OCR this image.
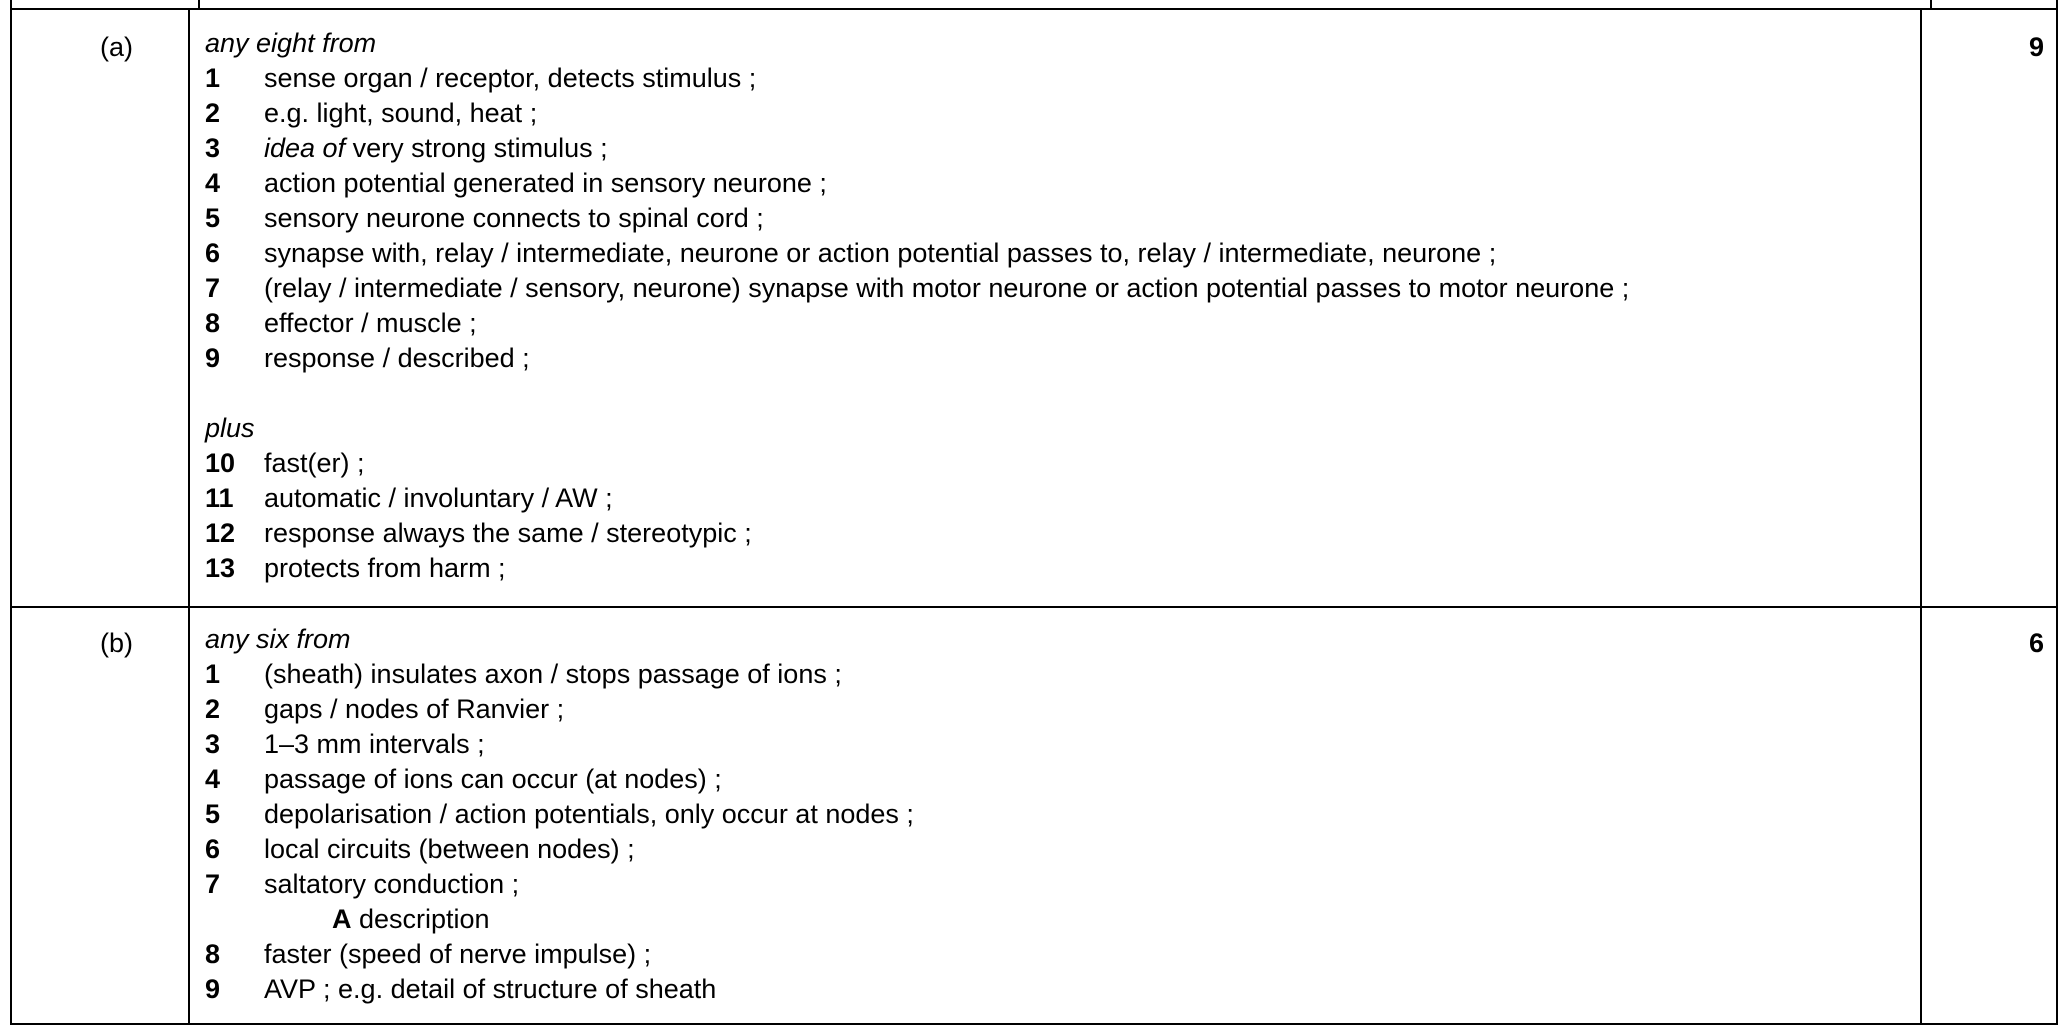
(a)	9
any eight from
1 sense organ / receptor, detects stimulus ;
2 e.g. light, sound, heat ;
3 idea of very strong stimulus ;
4 action potential generated in sensory neurone ;
5 sensory neurone connects to spinal cord ;
6 synapse with, relay / intermediate, neurone or action potential passes to, relay / intermediate, neurone ;
7 (relay / intermediate / sensory, neurone) synapse with motor neurone or action potential passes to motor neurone ;
8 effector / muscle ;
9 response / described ;
plus
10 fast(er) ;
11 automatic / involuntary / AW ;
12 response always the same / stereotypic ;
13 protects from harm ;
(b)	6
any six from
1 (sheath) insulates axon / stops passage of ions ;
2 gaps / nodes of Ranvier ;
3 1–3 mm intervals ;
4 passage of ions can occur (at nodes) ;
5 depolarisation / action potentials, only occur at nodes ;
6 local circuits (between nodes) ;
7 saltatory conduction ;
A description
8 faster (speed of nerve impulse) ;
9 AVP ; e.g. detail of structure of sheath
